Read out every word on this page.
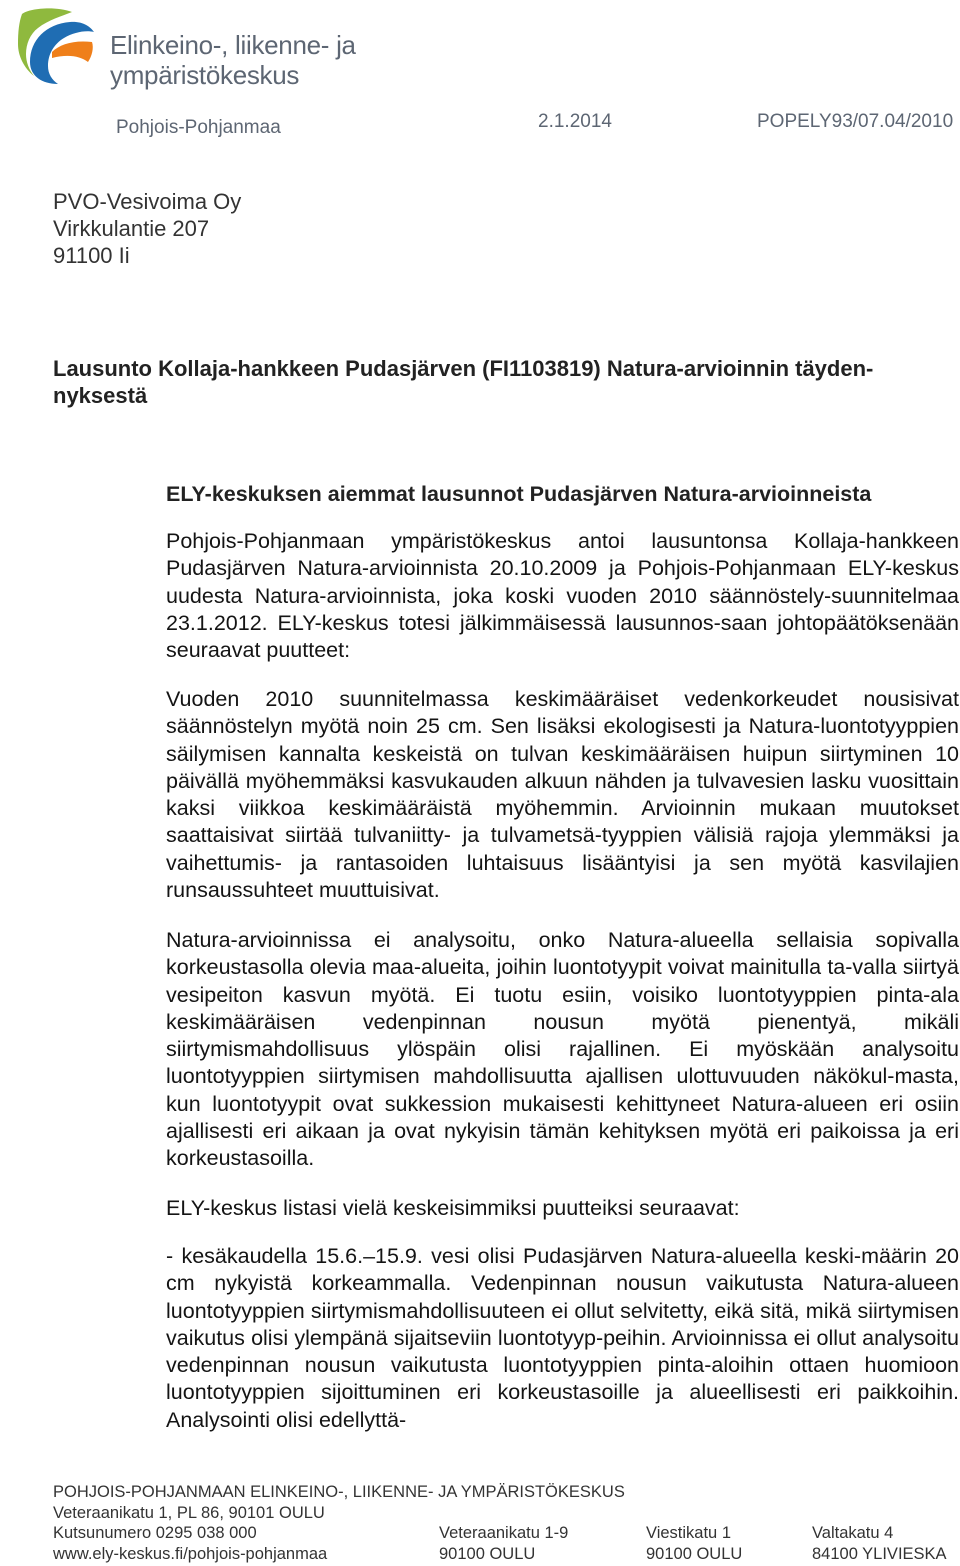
Elinkeino-, liikenne- ja
ympäristökeskus
Pohjois-Pohjanmaa	2.1.2014	POPELY93/07.04/2010
PVO-Vesivoima Oy
Virkkulantie 207
91100 Ii
Lausunto Kollaja-hankkeen Pudasjärven (FI1103819) Natura-arvioinnin täyden-
nyksestä
ELY-keskuksen aiemmat lausunnot Pudasjärven Natura-arvioinneista
Pohjois-Pohjanmaan ympäristökeskus antoi lausuntonsa Kollaja-hankkeen Pudasjärven Natura-arvioinnista 20.10.2009 ja Pohjois-Pohjanmaan ELY-keskus uudesta Natura-arvioinnista, joka koski vuoden 2010 säännöstely-suunnitelmaa 23.1.2012. ELY-keskus totesi jälkimmäisessä lausunnos-saan johtopäätöksenään seuraavat puutteet:
Vuoden 2010 suunnitelmassa keskimääräiset vedenkorkeudet nousisivat säännöstelyn myötä noin 25 cm. Sen lisäksi ekologisesti ja Natura-luontotyyppien säilymisen kannalta keskeistä on tulvan keskimääräisen huipun siirtyminen 10 päivällä myöhemmäksi kasvukauden alkuun nähden ja tulvavesien lasku vuosittain kaksi viikkoa keskimääräistä myöhemmin. Arvioinnin mukaan muutokset saattaisivat siirtää tulvaniitty- ja tulvametsä-tyyppien välisiä rajoja ylemmäksi ja vaihettumis- ja rantasoiden luhtaisuus lisääntyisi ja sen myötä kasvilajien runsaussuhteet muuttuisivat.
Natura-arvioinnissa ei analysoitu, onko Natura-alueella sellaisia sopivalla korkeustasolla olevia maa-alueita, joihin luontotyypit voivat mainitulla ta-valla siirtyä vesipeiton kasvun myötä. Ei tuotu esiin, voisiko luontotyyppien pinta-ala keskimääräisen vedenpinnan nousun myötä pienentyä, mikäli siirtymismahdollisuus ylöspäin olisi rajallinen. Ei myöskään analysoitu luontotyyppien siirtymisen mahdollisuutta ajallisen ulottuvuuden näkökul-masta, kun luontotyypit ovat sukkession mukaisesti kehittyneet Natura-alueen eri osiin ajallisesti eri aikaan ja ovat nykyisin tämän kehityksen myötä eri paikoissa ja eri korkeustasoilla.
ELY-keskus listasi vielä keskeisimmiksi puutteiksi seuraavat:
- kesäkaudella 15.6.–15.9. vesi olisi Pudasjärven Natura-alueella keski-määrin 20 cm nykyistä korkeammalla. Vedenpinnan nousun vaikutusta Natura-alueen luontotyyppien siirtymismahdollisuuteen ei ollut selvitetty, eikä sitä, mikä siirtymisen vaikutus olisi ylempänä sijaitseviin luontotyyp-peihin. Arvioinnissa ei ollut analysoitu vedenpinnan nousun vaikutusta luontotyyppien pinta-aloihin ottaen huomioon luontotyyppien sijoittuminen eri korkeustasoille ja alueellisesti eri paikkoihin. Analysointi olisi edellyttä-
POHJOIS-POHJANMAAN ELINKEINO-, LIIKENNE- JA YMPÄRISTÖKESKUS
Veteraanikatu 1, PL 86, 90101 OULU
Kutsunumero 0295 038 000
www.ely-keskus.fi/pohjois-pohjanmaa
Veteraanikatu 1-9
90100 OULU
Viestikatu 1
90100 OULU
Valtakatu 4
84100 YLIVIESKA
